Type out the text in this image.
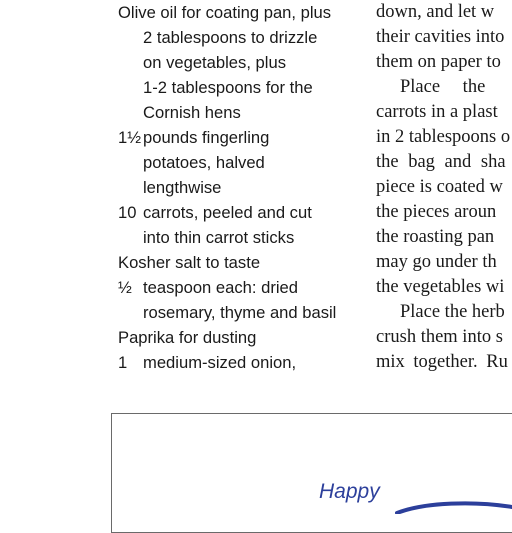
Olive oil for coating pan, plus
2 tablespoons to drizzle
on vegetables, plus
1-2 tablespoons for the
Cornish hens
1½ pounds fingerling
potatoes, halved
lengthwise
10 carrots, peeled and cut
into thin carrot sticks
Kosher salt to taste
½ teaspoon each: dried
rosemary, thyme and basil
Paprika for dusting
1 medium-sized onion,
down, and let w
their cavities into
them on paper to
Place the
carrots in a plast
in 2 tablespoons o
the bag and sha
piece is coated w
the pieces aroun
the roasting pan
may go under th
the vegetables wi
Place the herb
crush them into s
mix together. Ru
Happy
